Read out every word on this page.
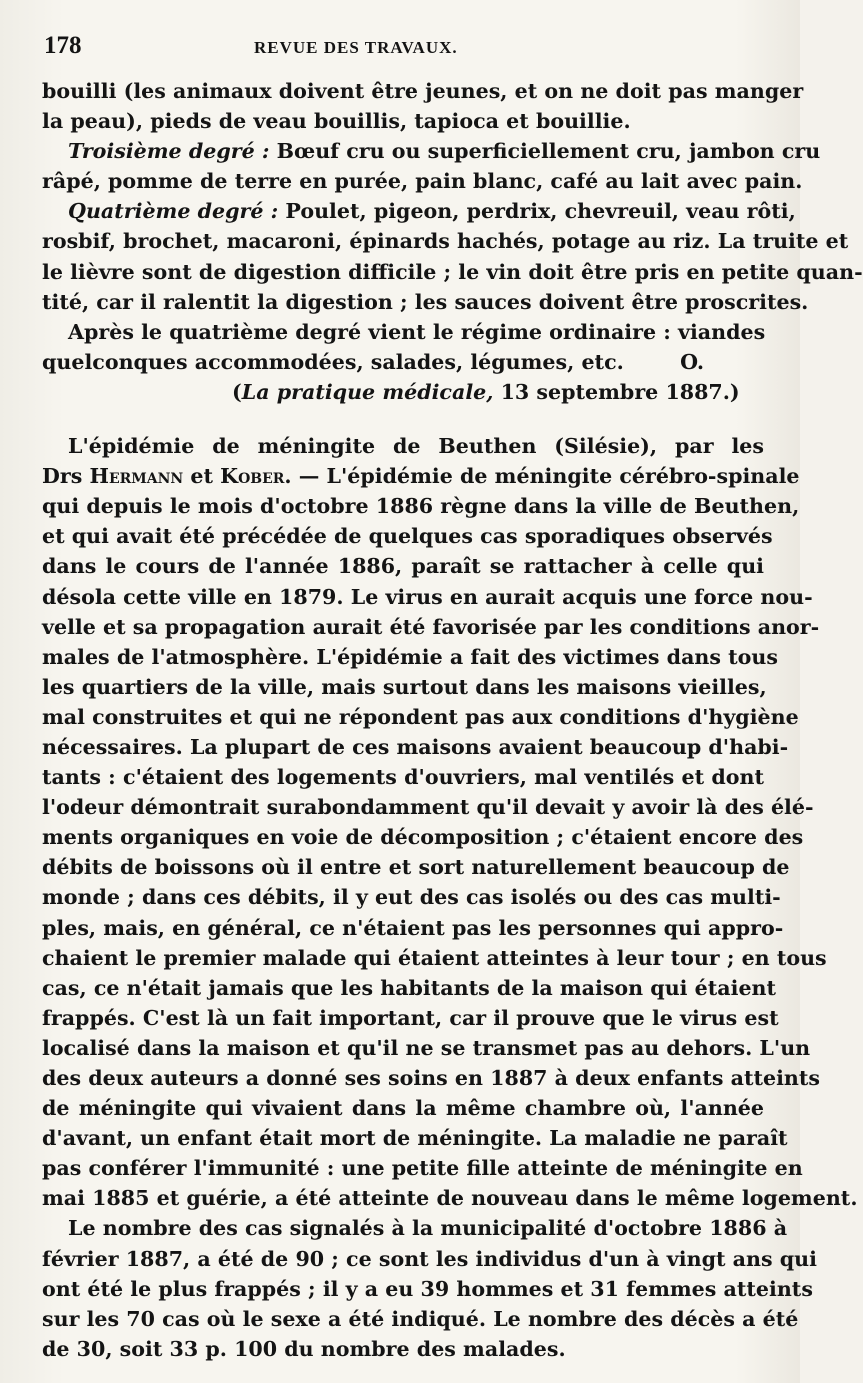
178	REVUE DES TRAVAUX.

bouilli (les animaux doivent être jeunes, et on ne doit pas manger
la peau), pieds de veau bouillis, tapioca et bouillie.

Troisième degré : Bœuf cru ou superficiellement cru, jambon cru
râpé, pomme de terre en purée, pain blanc, café au lait avec pain.

Quatrième degré : Poulet, pigeon, perdrix, chevreuil, veau rôti,
rosbif, brochet, macaroni, épinards hachés, potage au riz. La truite et
le lièvre sont de digestion difficile ; le vin doit être pris en petite quan-
tité, car il ralentit la digestion ; les sauces doivent être proscrites.

Après le quatrième degré vient le régime ordinaire : viandes
quelconques accommodées, salades, légumes, etc.	O.
(La pratique médicale, 13 septembre 1887.)

L'épidémie de méningite de Beuthen (Silésie), par les
Drs Hermann et Kober. — L'épidémie de méningite cérébro-spinale
qui depuis le mois d'octobre 1886 règne dans la ville de Beuthen,
et qui avait été précédée de quelques cas sporadiques observés
dans le cours de l'année 1886, paraît se rattacher à celle qui
désola cette ville en 1879. Le virus en aurait acquis une force nou-
velle et sa propagation aurait été favorisée par les conditions anor-
males de l'atmosphère. L'épidémie a fait des victimes dans tous
les quartiers de la ville, mais surtout dans les maisons vieilles,
mal construites et qui ne répondent pas aux conditions d'hygiène
nécessaires. La plupart de ces maisons avaient beaucoup d'habi-
tants : c'étaient des logements d'ouvriers, mal ventilés et dont
l'odeur démontrait surabondamment qu'il devait y avoir là des élé-
ments organiques en voie de décomposition ; c'étaient encore des
débits de boissons où il entre et sort naturellement beaucoup de
monde ; dans ces débits, il y eut des cas isolés ou des cas multi-
ples, mais, en général, ce n'étaient pas les personnes qui appro-
chaient le premier malade qui étaient atteintes à leur tour ; en tous
cas, ce n'était jamais que les habitants de la maison qui étaient
frappés. C'est là un fait important, car il prouve que le virus est
localisé dans la maison et qu'il ne se transmet pas au dehors. L'un
des deux auteurs a donné ses soins en 1887 à deux enfants atteints
de méningite qui vivaient dans la même chambre où, l'année
d'avant, un enfant était mort de méningite. La maladie ne paraît
pas conférer l'immunité : une petite fille atteinte de méningite en
mai 1885 et guérie, a été atteinte de nouveau dans le même logement.

Le nombre des cas signalés à la municipalité d'octobre 1886 à
février 1887, a été de 90 ; ce sont les individus d'un à vingt ans qui
ont été le plus frappés ; il y a eu 39 hommes et 31 femmes atteints
sur les 70 cas où le sexe a été indiqué. Le nombre des décès a été
de 30, soit 33 p. 100 du nombre des malades.
